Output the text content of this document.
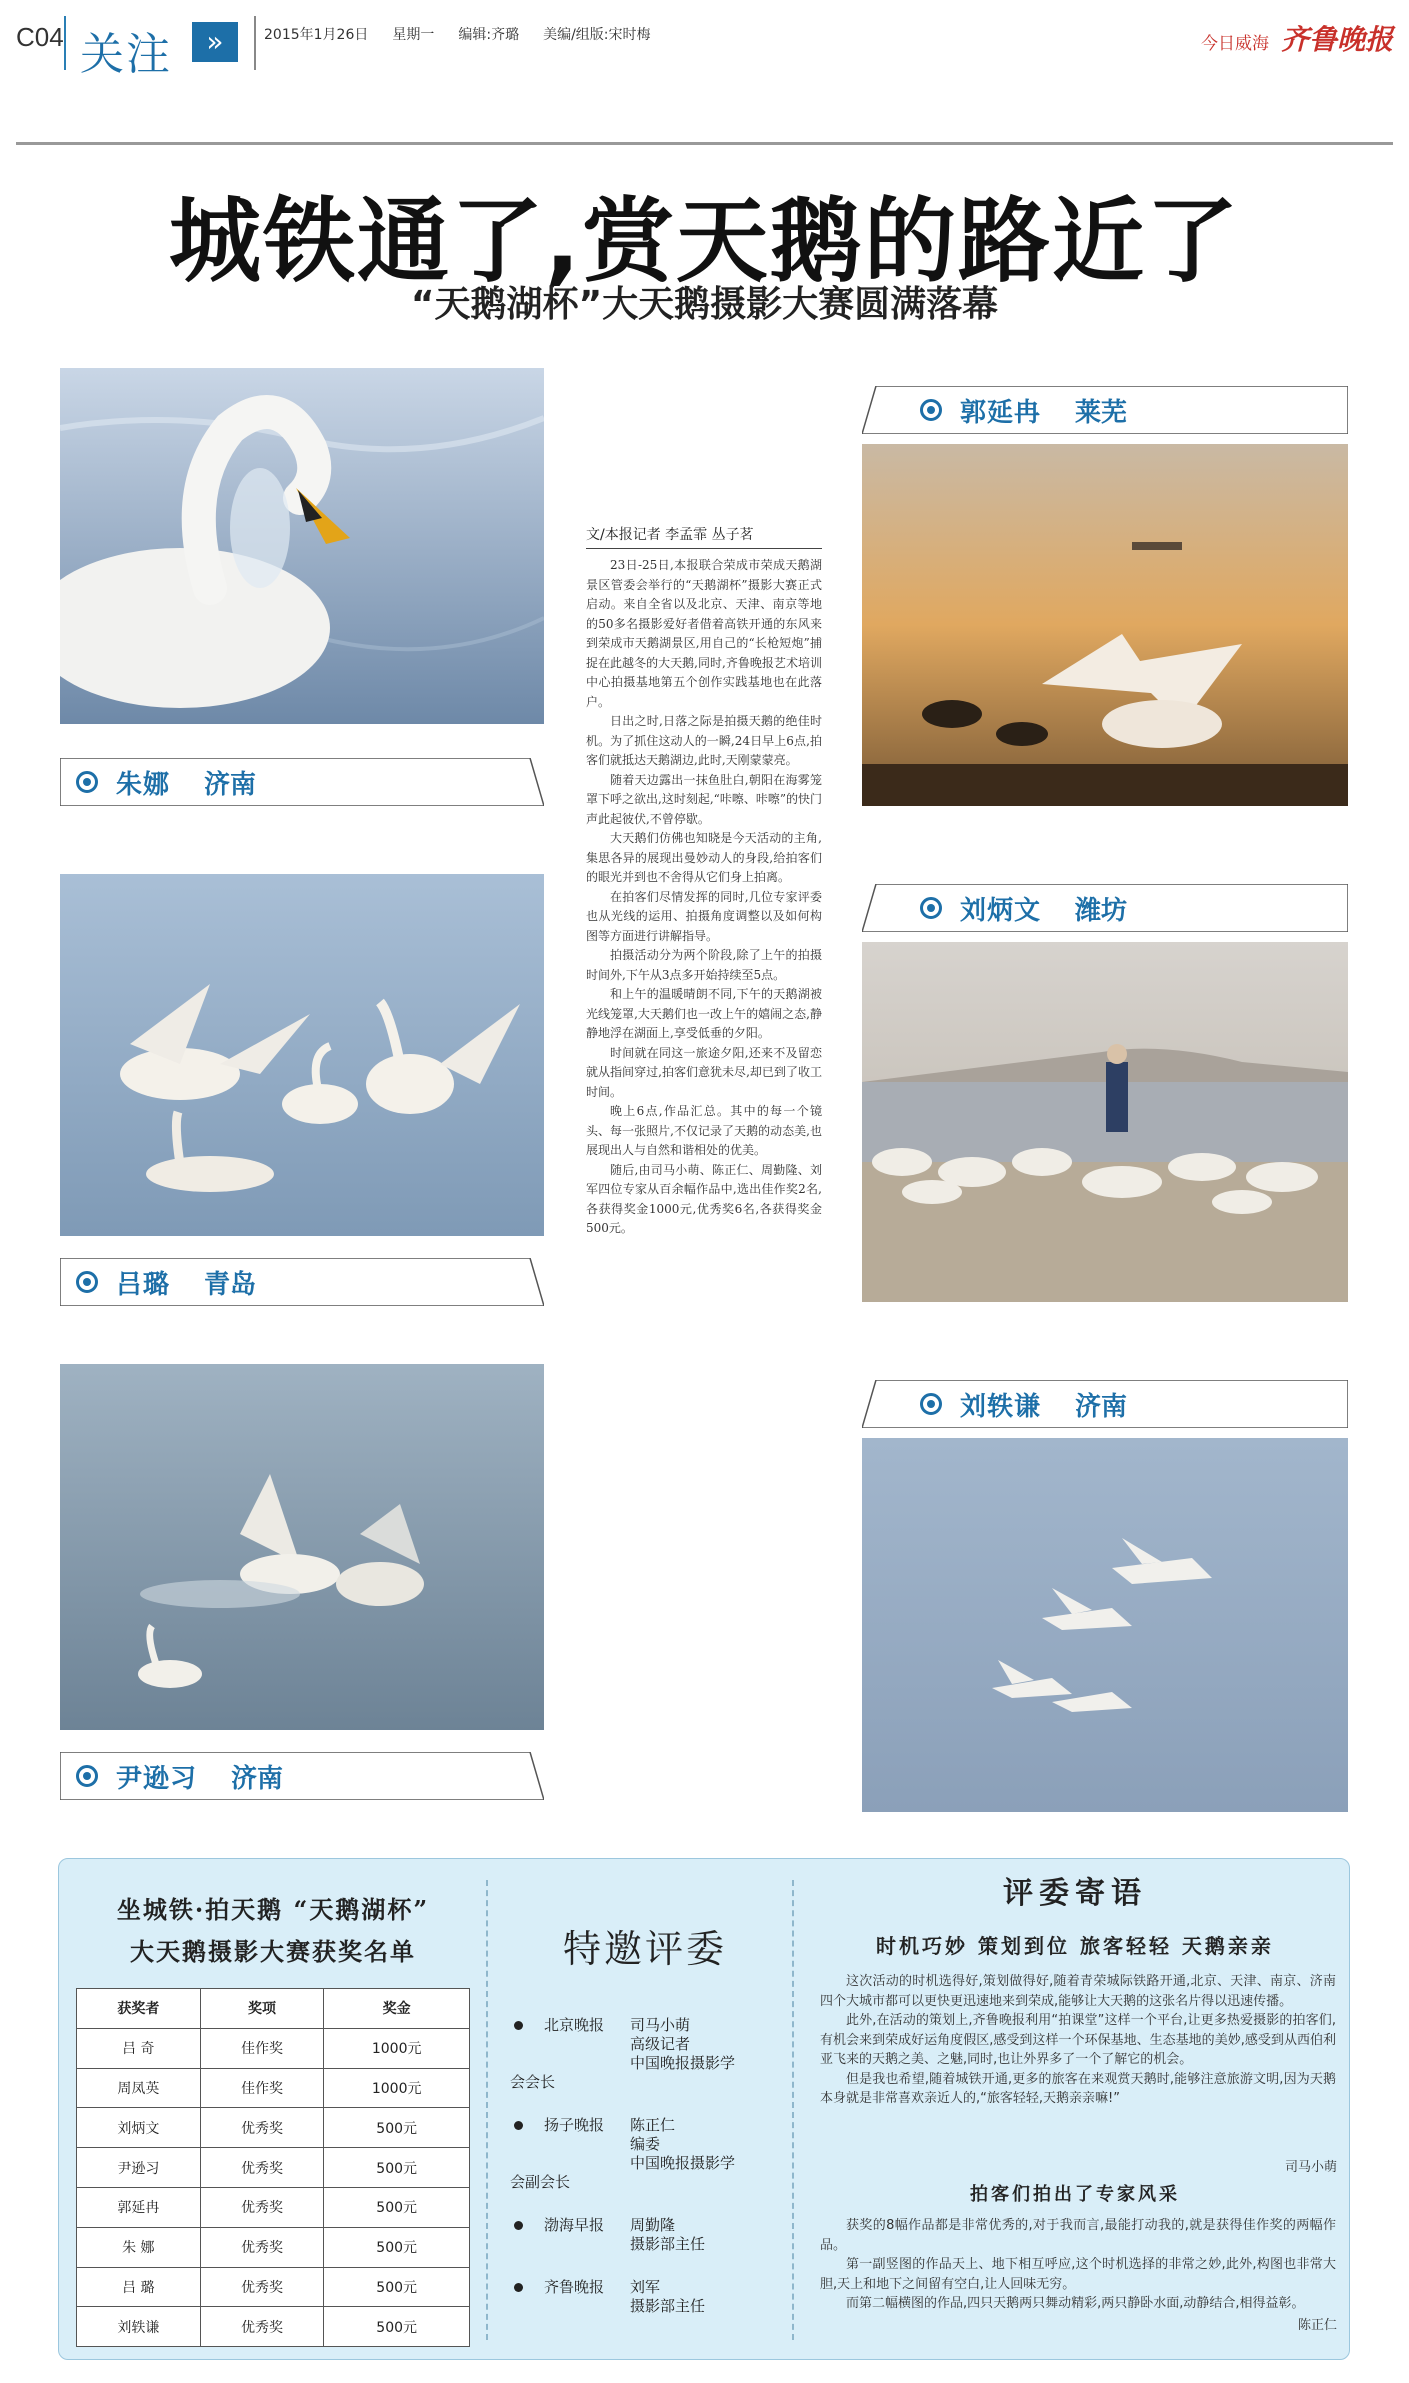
C04 关注	»	2015年1月26日 星期一 编辑:齐璐 美编/组版:宋时梅	今日威海 齐鲁晚报
城铁通了,赏天鹅的路近了
“天鹅湖杯”大天鹅摄影大赛圆满落幕
朱娜 济南
吕璐 青岛
尹逊习 济南
郭延冉 莱芜
刘炳文 潍坊
刘轶谦 济南
文/本报记者 李孟霏 丛子茗

23日-25日,本报联合荣成市荣成天鹅湖景区管委会举行的“天鹅湖杯”摄影大赛正式启动。来自全省以及北京、天津、南京等地的50多名摄影爱好者借着高铁开通的东风来到荣成市天鹅湖景区,用自己的“长枪短炮”捕捉在此越冬的大天鹅,同时,齐鲁晚报艺术培训中心拍摄基地第五个创作实践基地也在此落户。

日出之时,日落之际是拍摄天鹅的绝佳时机。为了抓住这动人的一瞬,24日早上6点,拍客们就抵达天鹅湖边,此时,天刚蒙蒙亮。

随着天边露出一抹鱼肚白,朝阳在海雾笼罩下呼之欲出,这时刻起,“咔嚓、咔嚓”的快门声此起彼伏,不曾停歇。

大天鹅们仿佛也知晓是今天活动的主角,集思各异的展现出曼妙动人的身段,给拍客们的眼光并到也不舍得从它们身上拍离。

在拍客们尽情发挥的同时,几位专家评委也从光线的运用、拍摄角度调整以及如何构图等方面进行讲解指导。

拍摄活动分为两个阶段,除了上午的拍摄时间外,下午从3点多开始持续至5点。

和上午的温暖晴朗不同,下午的天鹅湖被光线笼罩,大天鹅们也一改上午的嬉闹之态,静静地浮在湖面上,享受低垂的夕阳。

时间就在同这一旅途夕阳,还来不及留恋就从指间穿过,拍客们意犹未尽,却已到了收工时间。

晚上6点,作品汇总。其中的每一个镜头、每一张照片,不仅记录了天鹅的动态美,也展现出人与自然和谐相处的优美。

随后,由司马小萌、陈正仁、周勤隆、刘军四位专家从百余幅作品中,选出佳作奖2名,各获得奖金1000元,优秀奖6名,各获得奖金500元。

坐城铁·拍天鹅 “天鹅湖杯”
大天鹅摄影大赛获奖名单
获奖者	奖项	奖金
吕 奇	佳作奖	1000元
周凤英	佳作奖	1000元
刘炳文	优秀奖	500元
尹逊习	优秀奖	500元
郭延冉	优秀奖	500元
朱 娜	优秀奖	500元
吕 璐	优秀奖	500元
刘轶谦	优秀奖	500元
特邀评委
北京晚报 司马小萌
高级记者
中国晚报摄影学
会会长
扬子晚报 陈正仁
编委
中国晚报摄影学
会副会长
渤海早报 周勤隆
摄影部主任
齐鲁晚报 刘军
摄影部主任
评委寄语
时机巧妙 策划到位 旅客轻轻 天鹅亲亲

这次活动的时机选得好,策划做得好,随着青荣城际铁路开通,北京、天津、南京、济南四个大城市都可以更快更迅速地来到荣成,能够让大天鹅的这张名片得以迅速传播。

此外,在活动的策划上,齐鲁晚报利用“拍课堂”这样一个平台,让更多热爱摄影的拍客们,有机会来到荣成好运角度假区,感受到这样一个环保基地、生态基地的美妙,感受到从西伯利亚飞来的天鹅之美、之魅,同时,也让外界多了一个了解它的机会。

但是我也希望,随着城铁开通,更多的旅客在来观赏天鹅时,能够注意旅游文明,因为天鹅本身就是非常喜欢亲近人的,“旅客轻轻,天鹅亲亲嘛!”

司马小萌
拍客们拍出了专家风采

获奖的8幅作品都是非常优秀的,对于我而言,最能打动我的,就是获得佳作奖的两幅作品。

第一副竖图的作品天上、地下相互呼应,这个时机选择的非常之妙,此外,构图也非常大胆,天上和地下之间留有空白,让人回味无穷。

而第二幅横图的作品,四只天鹅两只舞动精彩,两只静卧水面,动静结合,相得益彰。

陈正仁
